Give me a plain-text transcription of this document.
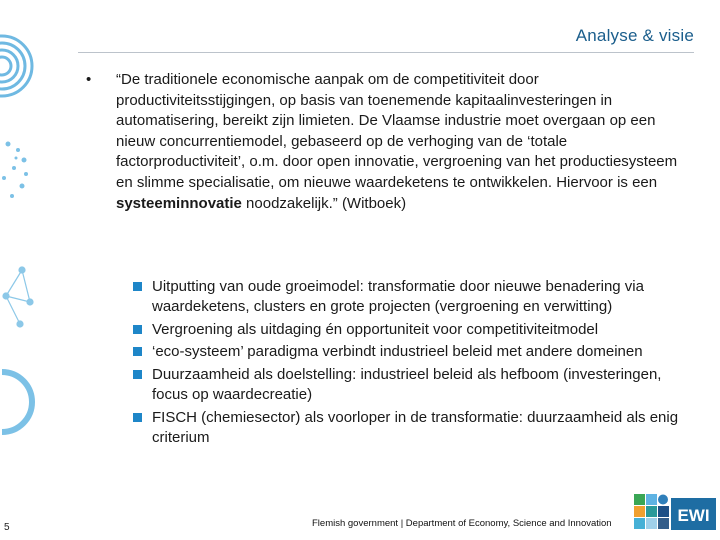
Analyse & visie
• “De traditionele economische aanpak om de competitiviteit door productiviteitsstijgingen, op basis van toenemende kapitaalinvesteringen in automatisering, bereikt zijn limieten. De Vlaamse industrie moet overgaan op een nieuw concurrentiemodel, gebaseerd op de verhoging van de ‘totale factorproductiviteit’, o.m. door open innovatie, vergroening van het productiesysteem en slimme specialisatie, om nieuwe waardeketens te ontwikkelen. Hiervoor is een systeeminnovatie noodzakelijk.” (Witboek)

Uitputting van oude groeimodel: transformatie door nieuwe benadering via waardeketens, clusters en grote projecten (vergroening en verwitting)
Vergroening als uitdaging én opportuniteit voor competitiviteitmodel
‘eco-systeem’ paradigma verbindt industrieel beleid met andere domeinen
Duurzaamheid als doelstelling: industrieel beleid als hefboom (investeringen, focus op waardecreatie)
FISCH (chemiesector) als voorloper in de transformatie: duurzaamheid als enig criterium
5	Flemish government | Department of Economy, Science and Innovation	EWI
